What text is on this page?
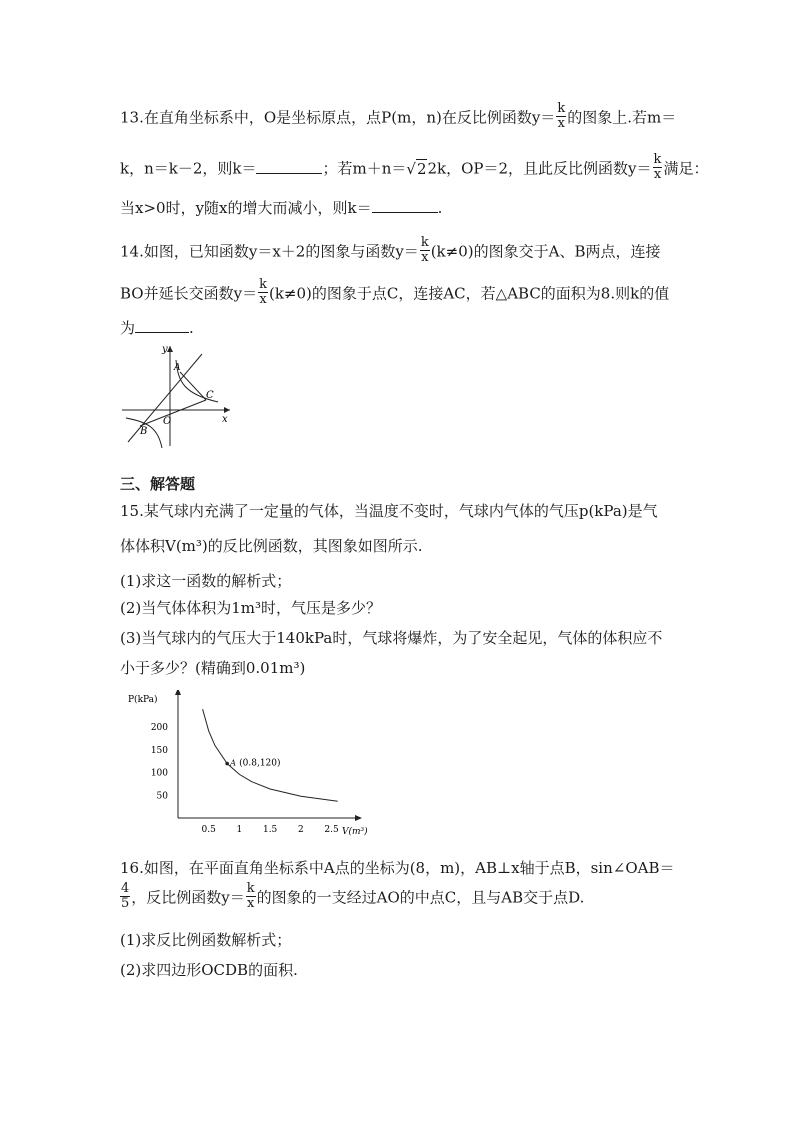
13.在直角坐标系中，O是坐标原点，点P(m，n)在反比例函数$y= \frac{k}{x}$ 的图象上.若m＝
k，n＝k－2，则k＝	；若m＋n＝√22k，OP＝2，且此反比例函数$y= \frac{k}{x}$ 满足：
当x>0时，y随x的增大而减小，则k＝	.
14.如图，已知函数y＝x＋2的图象与函数$y= \frac{k}{x} (k\ne 0)$的图象交于A、B两点，连接
BO并延长交函数$y= \frac{k}{x} (k\ne 0)$的图象于点C，连接AC，若△ABC的面积为8.则k的值
为	.
y
x
O
A
C
B
三、解答题
15.某气球内充满了一定量的气体，当温度不变时，气球内气体的气压p(kPa)是气
体体积V(m³)的反比例函数，其图象如图所示.
(1)求这一函数的解析式；
(2)当气体体积为1m³时，气压是多少？
(3)当气球内的气压大于140kPa时，气球将爆炸，为了安全起见，气体的体积应不
小于多少？(精确到0.01m³)
P(kPa)
V(m³)
0.5 1 1.5 2 2.5
50
100
150
200
A (0.8,120)
16.如图，在平面直角坐标系中A点的坐标为(8，m)，AB⊥x轴于点B，sin∠OAB＝
$\frac{4}{5}$ ，反比例函数$y= \frac{k}{x}$ 的图象的一支经过AO的中点C，且与AB交于点D.
(1)求反比例函数解析式；
(2)求四边形OCDB的面积.
